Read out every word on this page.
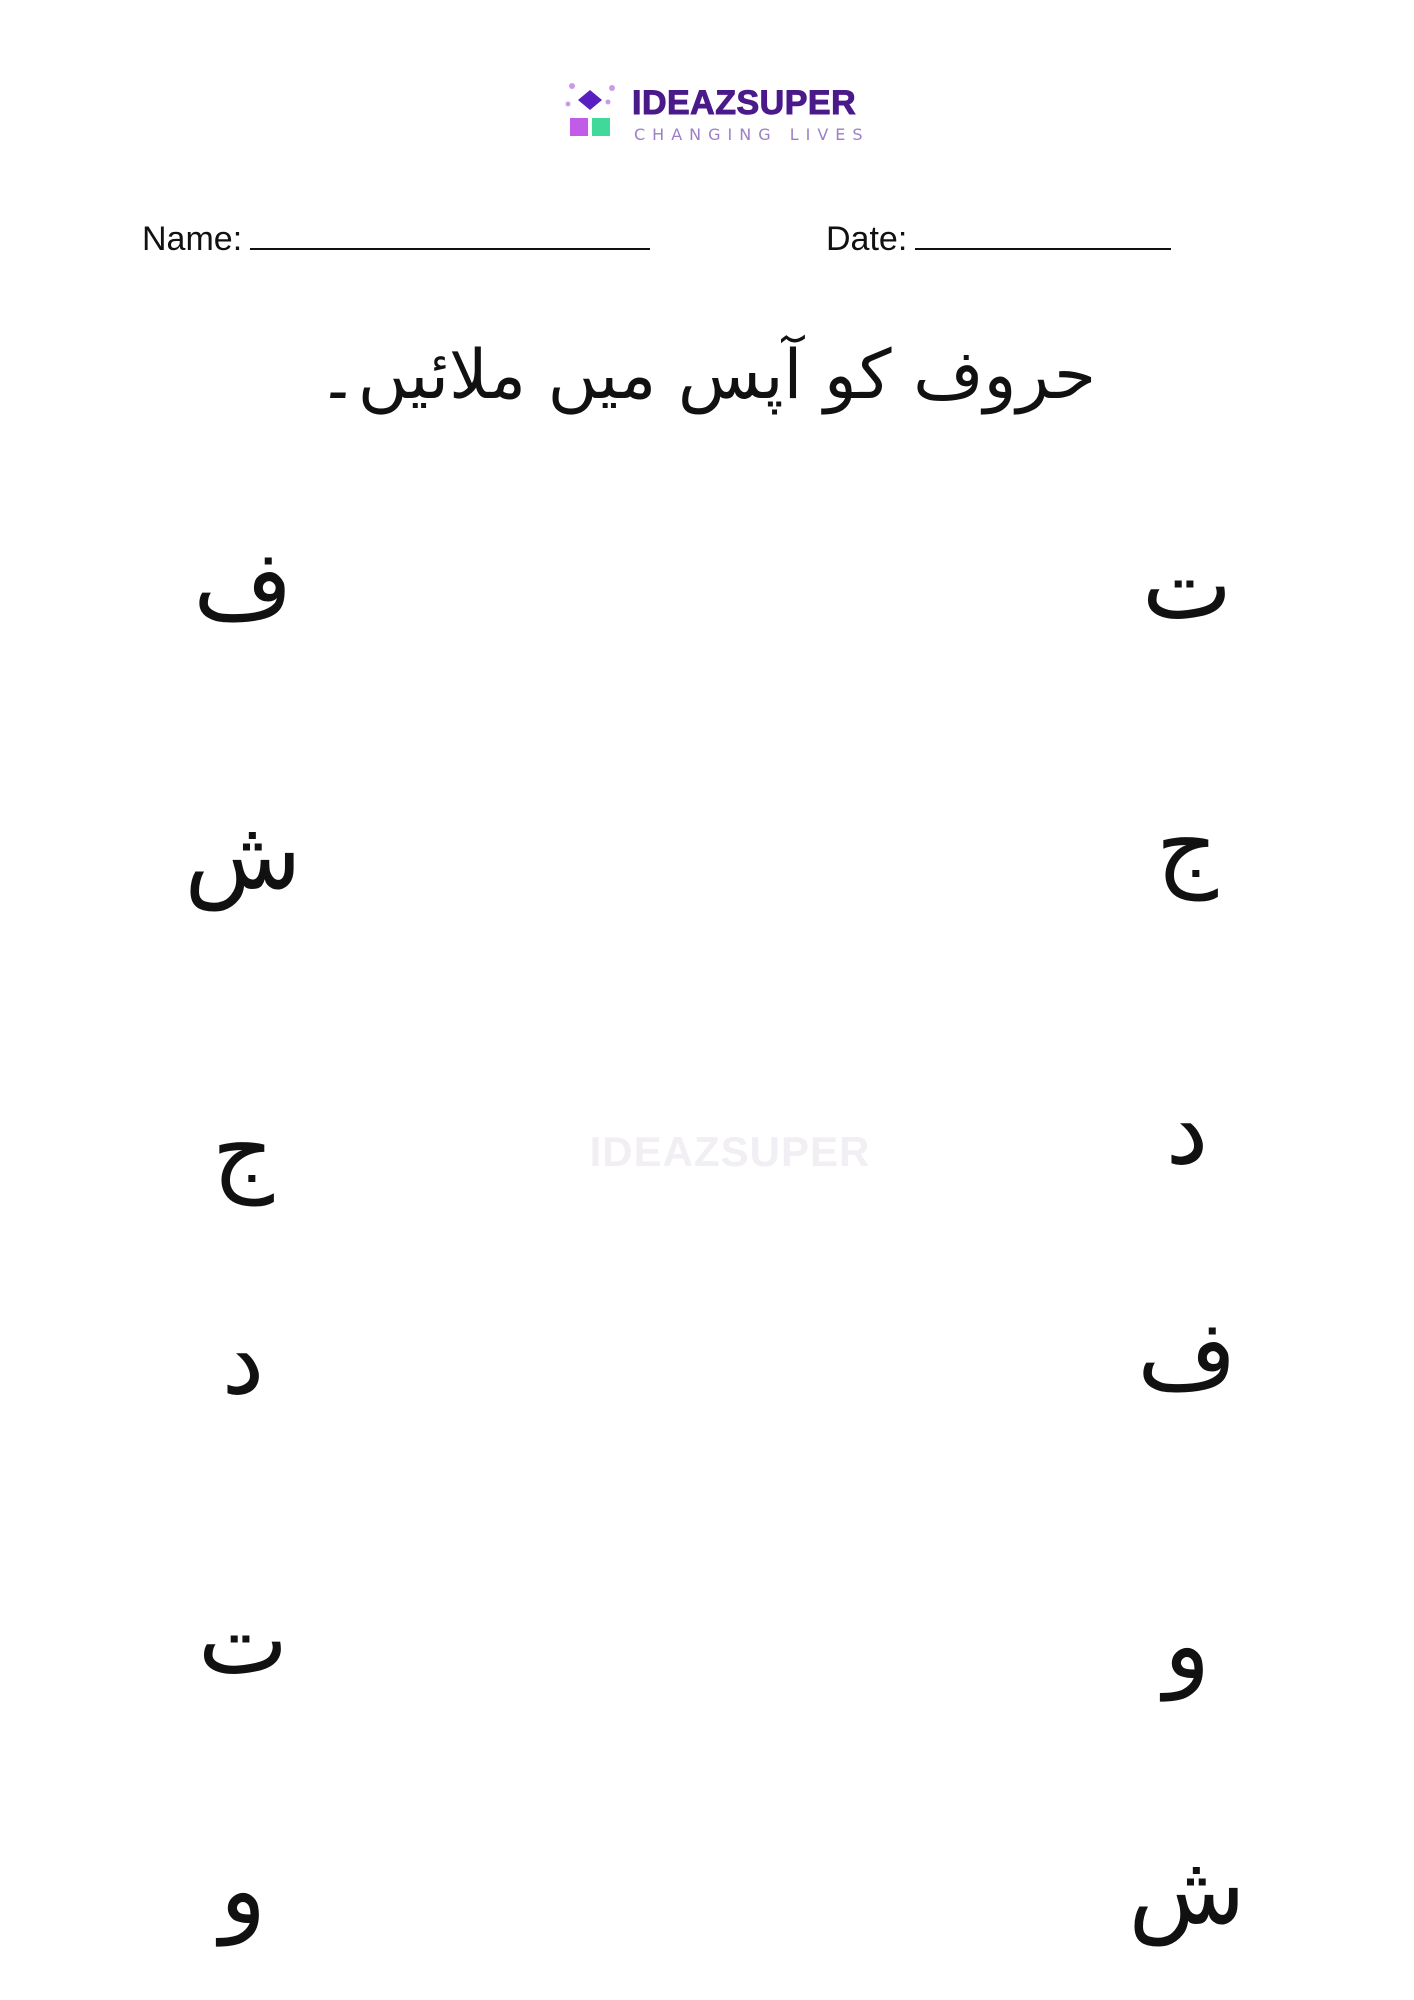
IDEAZSUPER
CHANGING LIVES
Name:	Date:
حروف کو آپس میں ملائیں۔
IDEAZSUPER
ف
ش
ج
د
ت
و
ت
ج
د
ف
و
ش
